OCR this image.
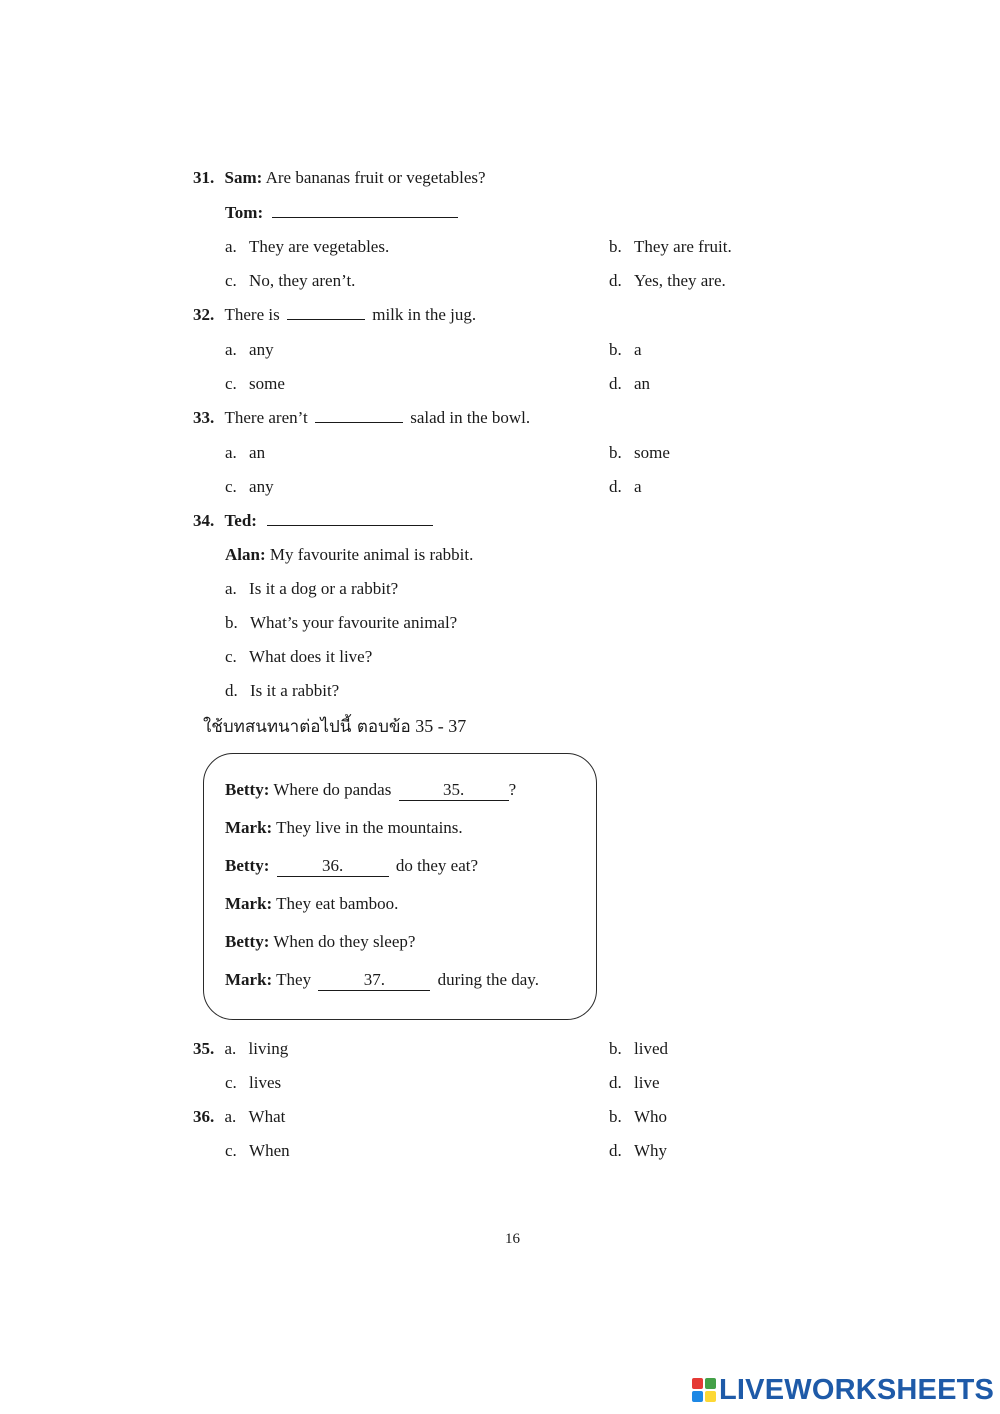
31. Sam: Are bananas fruit or vegetables?
Tom:
a. They are vegetables.	b. They are fruit.
c. No, they aren’t.	d. Yes, they are.
32. There is	milk in the jug.
a. any	b. a
c. some	d. an
33. There aren’t	salad in the bowl.
a. an	b. some
c. any	d. a
34. Ted:
Alan: My favourite animal is rabbit.
a. Is it a dog or a rabbit?
b. What’s your favourite animal?
c. What does it live?
d. Is it a rabbit?
ใช้บทสนทนาต่อไปนี้ ตอบข้อ 35 - 37
Betty: Where do pandas	35.	?
Mark: They live in the mountains.
Betty:	36.	do they eat?
Mark: They eat bamboo.
Betty: When do they sleep?
Mark: They	37.	during the day.
35. a. living	b. lived
c. lives	d. live
36. a. What	b. Who
c. When	d. Why
16
LIVEWORKSHEETS
